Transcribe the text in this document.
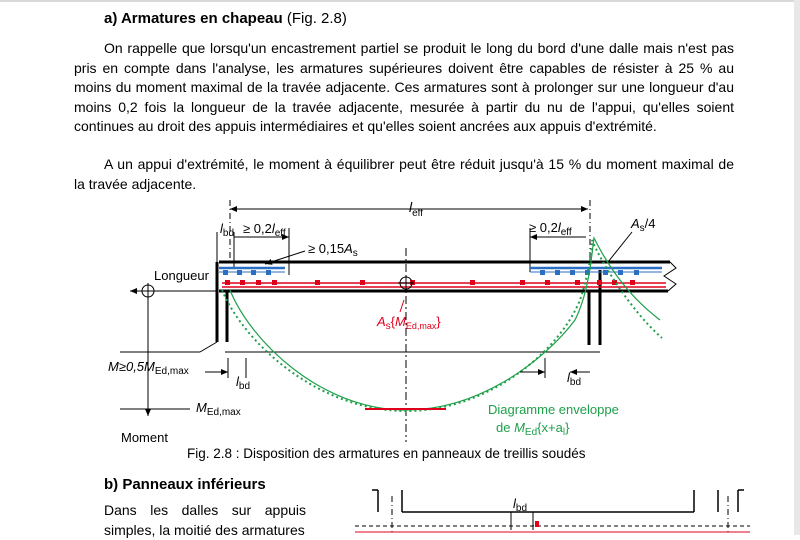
a) Armatures en chapeau (Fig. 2.8)

On rappelle que lorsqu'un encastrement partiel se produit le long du bord d'une dalle mais n'est pas pris en compte dans l'analyse, les armatures supérieures doivent être capables de résister à 25 % au moins du moment maximal de la travée adjacente. Ces armatures sont à prolonger sur une longueur d'au moins 0,2 fois la longueur de la travée adjacente, mesurée à partir du nu de l'appui, qu'elles soient continues au droit des appuis intermédiaires et qu'elles soient ancrées aux appuis d'extrémité.

A un appui d'extrémité, le moment à équilibrer peut être réduit jusqu'à 15 % du moment maximal de la travée adjacente.

$l_{eff}$
$l_{bd} \ge 0,2l_{eff}$
≥ $0,15A_s$
≥ $0,2l_{eff}$
$A_s/4$
Longueur
$A_s\{M_{Ed,max}\}$
$l_{bd}$
$l_{bd}$
$M\ge 0,5M_{Ed,max}$
$M_{Ed,max}$
Moment
Diagramme enveloppe
de $M_{Ed}\{x+a_l\}$
$l_{bd}$
Fig. 2.8 : Disposition des armatures en panneaux de treillis soudés
b) Panneaux inférieurs

Dans les dalles sur appuis simples, la moitié des armatures
